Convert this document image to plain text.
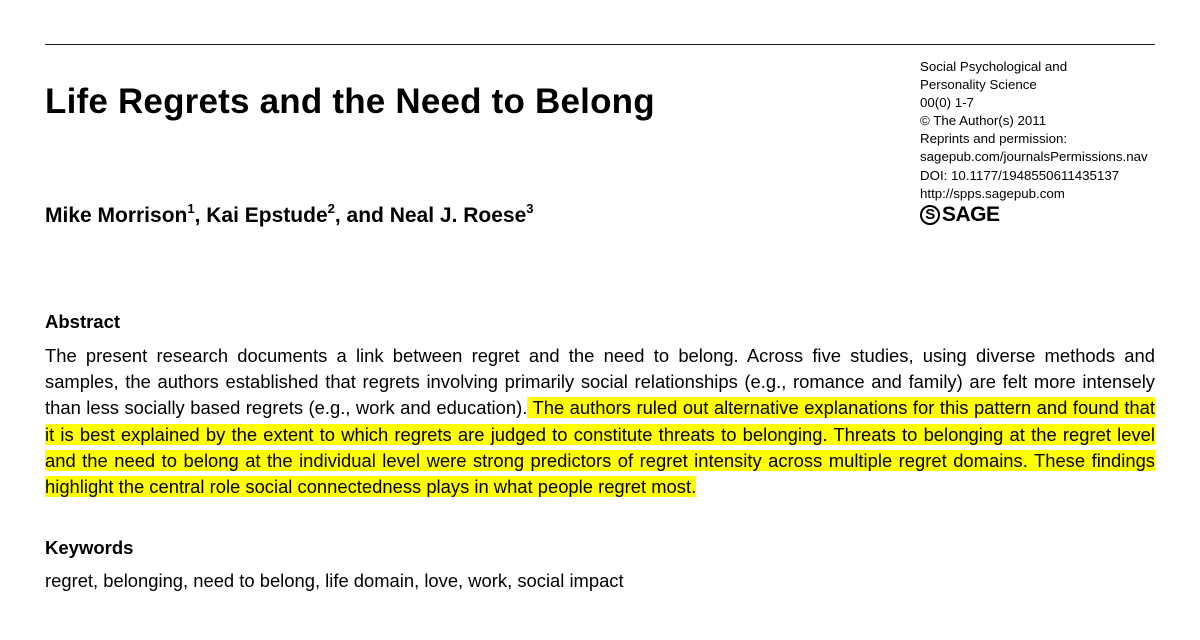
Life Regrets and the Need to Belong
Mike Morrison$^1$, Kai Epstude$^2$, and Neal J. Roese$^3$
Social Psychological and
Personality Science
00(0) 1-7
© The Author(s) 2011
Reprints and permission:
sagepub.com/journalsPermissions.nav
DOI: 10.1177/1948550611435137
http://spps.sagepub.com
S SAGE
Abstract

The present research documents a link between regret and the need to belong. Across five studies, using diverse methods and samples, the authors established that regrets involving primarily social relationships (e.g., romance and family) are felt more intensely than less socially based regrets (e.g., work and education). The authors ruled out alternative explanations for this pattern and found that it is best explained by the extent to which regrets are judged to constitute threats to belonging. Threats to belonging at the regret level and the need to belong at the individual level were strong predictors of regret intensity across multiple regret domains. These findings highlight the central role social connectedness plays in what people regret most.

Keywords

regret, belonging, need to belong, life domain, love, work, social impact
